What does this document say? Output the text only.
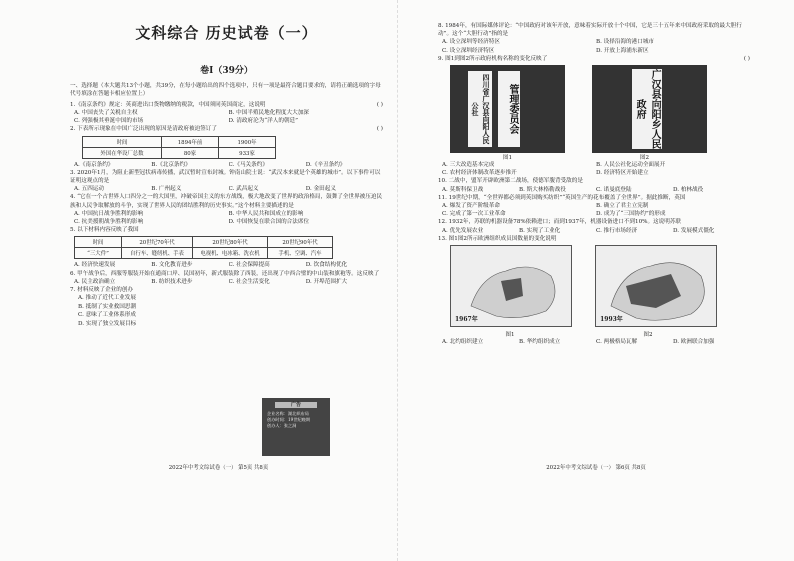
文科综合 历史试卷（一）
卷Ⅰ（39分）
一、选择题（本大题共13个小题，共39分，在每小题给出的四个选项中，只有一项是最符合题目要求的，请将正确选项的字母代号填涂在答题卡相应位置上）
1.《南京条约》规定：英商进出口货物缴纳的税款，中国须同英国商定，这说明	( )
A. 中国丧失了关税自主权	B. 中国半殖民地化程度大大加深
C. 列强极其垂涎中国的市场	D. 清政府沦为“洋人的朝廷”
2. 下表所示现象在中国广泛出现的原因是清政府被迫签订了	( )
时间	1894年前	1900年
外国在华设厂总数	80家	933家
A.《南京条约》	B.《北京条约》	C.《马关条约》	D.《辛丑条约》
3. 2020年1月，为阻止新型冠状病毒传播，武汉暂时宣布封城。钟南山院士说：“武汉本来就是个英雄的城市”。以下事件可以证明这观点的是
A. 五四运动	B. 广州起义	C. 武昌起义	D. 金田起义
4. “它在一个占世界人口四分之一的大国里，冲破帝国主义的东方战线，极大地改变了世界的政治格局，鼓舞了全世界被压迫民族和人民争取解放的斗争，实现了世界人民的团结胜利的历史事实。”这个材料主要描述的是
A. 中国抗日战争胜利的影响	B. 中华人民共和国成立的影响
C. 抗美援朝战争胜利的影响	D. 中国恢复在联合国的合法席位
5. 以下材料内容反映了我国
时间	20世纪70年代	20世纪80年代	20世纪90年代
“三大件”	自行车、缝纫机、手表	电视机、电冰箱、洗衣机	手机、空调、汽车
A. 经济快速发展	B. 文化教育进步	C. 社会保障提高	D. 饮食结构优化
6. 甲午战争后，西服等服装开始在通商口岸、民国初年，新式服装除了西装，还出现了中西合璧的中山装和旗袍等。这反映了
A. 民主政治确立	B. 纺织技术进步	C. 社会生活变化	D. 开埠范围扩大
7. 材料反映了企业的创办
A. 推动了近代工业发展
B. 抵制了实业救国思潮
C. 意味了工业体系形成
D. 实现了独立发展目标
广告
企业名称：湖北织布局
创办时间：19世纪晚期
创办人：张之洞
2022年中考文综试卷（一） 第5页 共8页
8. 1984年，有国际媒体评论：“中国政府对该年开放，意味着实际开放十个中国，它是三十五年来中国政府采取的最大胆行动”。这个“大胆行动”指的是
A. 设立深圳等经济特区	B. 设择沿海的港口城市
C. 设立深圳经济特区	D. 开放上海浦东新区
9. 图1到图2所示政府机构名称的变化反映了	( )
四川省广汉县向阳人民公社	管理委员会
	广汉县向阳乡人民政府
图1	图2
A. 三大改造基本完成	B. 人民公社化运动全面展开
C. 农村经济体制改革逐步推开	D. 经济特区开始建立
10. 二战中，盟军开辟欧洲第二战场，使德军腹背受敌的是
A. 莫斯科保卫战	B. 斯大林格勒战役	C. 诺曼底登陆	D. 柏林战役
11. 19世纪中期，“全世界都必须到英国购买纺织”“英国生产的花布覆盖了全世界”。据此推断，英国
A. 爆发了资产阶级革命	B. 确立了君主立宪制
C. 完成了第一次工业革命	D. 成为了“三国协约”的形成
12. 1932年，苏联的机器设备78%依赖进口；而到1937年，机器设备进口不到10%。这说明苏联
A. 优先发展农业	B. 实现了工业化	C. 推行市场经济	D. 发展模式僵化
13. 图1图2所示欧洲组织成员国数量的变化说明
1967年
	1993年
图1	图2
A. 北约组织建立	B. 华约组织成立	C. 两极格局瓦解	D. 欧洲联合加强
2022年中考文综试卷（一） 第6页 共8页
